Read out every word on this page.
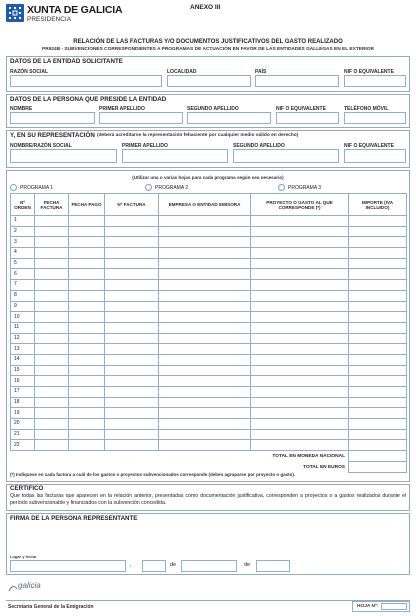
XUNTA DE GALICIA
PRESIDENCIA
ANEXO III
RELACIÓN DE LAS FACTURAS Y/O DOCUMENTOS JUSTIFICATIVOS DEL GASTO REALIZADO
PR924B - SUBVENCIONES CORRESPONDIENTES A PROGRAMAS DE ACTUACIÓN EN FAVOR DE LAS ENTIDADES GALLEGAS EN EL EXTERIOR
DATOS DE LA ENTIDAD SOLICITANTE
RAZÓN SOCIAL	LOCALIDAD	PAÍS	NIF O EQUIVALENTE
DATOS DE LA PERSONA QUE PRESIDE LA ENTIDAD
NOMBRE	PRIMER APELLIDO	SEGUNDO APELLIDO	NIF O EQUIVALENTE	TELÉFONO MÓVIL
Y, EN SU REPRESENTACIÓN (deberá acreditarse la representación fehaciente por cualquier medio válido en derecho)
NOMBRE/RAZÓN SOCIAL	PRIMER APELLIDO	SEGUNDO APELLIDO	NIF O EQUIVALENTE
(Utilizar una o varias hojas para cada programa según sea necesario)
PROGRAMA 1	PROGRAMA 2	PROGRAMA 3
Nº ORDEN	FECHA FACTURA	FECHA PAGO	Nº FACTURA	EMPRESA O ENTIDAD EMISORA	PROYECTO O GASTO AL QUE CORRESPONDE (*)	IMPORTE (IVA INCLUIDO)
1						
2						
3						
4						
5						
6						
7						
8						
9						
10						
11						
12						
13						
14						
15						
16						
17						
18						
19						
20						
21						
22						
TOTAL EN MONEDA NACIONAL						
TOTAL EN EUROS						
(*) Indíquese en cada factura a cuál de los gastos o proyectos subvencionados corresponde (deben agruparse por proyecto o gasto).
CERTIFICO
Que todas las facturas que aparecen en la relación anterior, presentadas como documentación justificativa, corresponden a proyectos o a gastos realizados durante el período subvencionable y financiados con la subvención concedida.
FIRMA DE LA PERSONA REPRESENTANTE
Lugar y fecha
,	de	de
galicia
Secretaría General de la Emigración	HOJA Nº:
